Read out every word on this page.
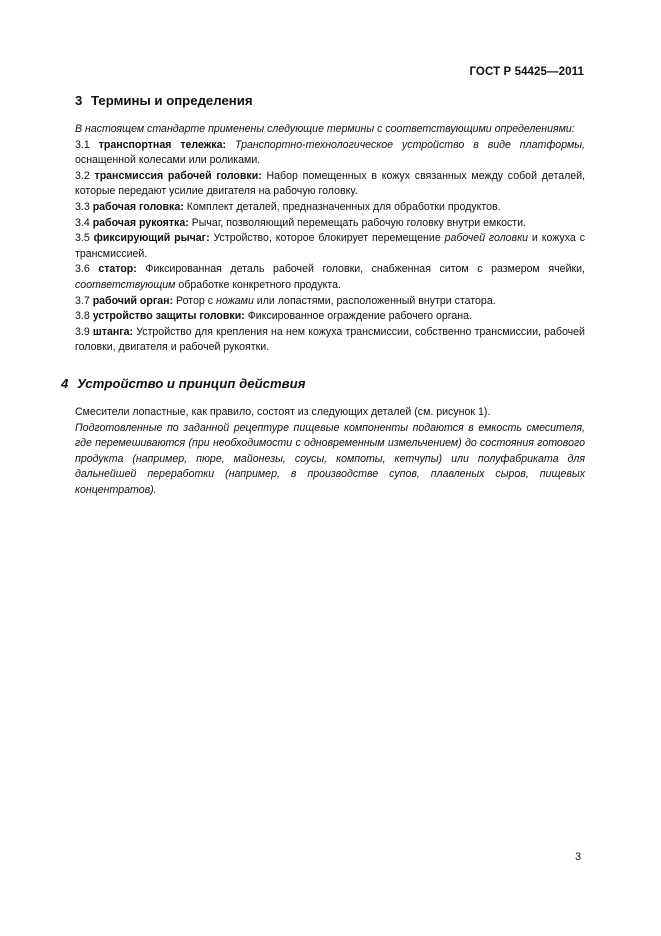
ГОСТ Р 54425—2011
3 Термины и определения

В настоящем стандарте применены следующие термины с соответствующими определениями:

3.1 транспортная тележка: Транспортно-технологическое устройство в виде платформы, оснащенной колесами или роликами.

3.2 трансмиссия рабочей головки: Набор помещенных в кожух связанных между собой деталей, которые передают усилие двигателя на рабочую головку.

3.3 рабочая головка: Комплект деталей, предназначенных для обработки продуктов.

3.4 рабочая рукоятка: Рычаг, позволяющий перемещать рабочую головку внутри емкости.

3.5 фиксирующий рычаг: Устройство, которое блокирует перемещение рабочей головки и кожуха с трансмиссией.

3.6 статор: Фиксированная деталь рабочей головки, снабженная ситом с размером ячейки, соответствующим обработке конкретного продукта.

3.7 рабочий орган: Ротор с ножами или лопастями, расположенный внутри статора.

3.8 устройство защиты головки: Фиксированное ограждение рабочего органа.

3.9 штанга: Устройство для крепления на нем кожуха трансмиссии, собственно трансмиссии, рабочей головки, двигателя и рабочей рукоятки.

4 Устройство и принцип действия

Смесители лопастные, как правило, состоят из следующих деталей (см. рисунок 1).

Подготовленные по заданной рецептуре пищевые компоненты подаются в емкость смесителя, где перемешиваются (при необходимости с одновременным измельчением) до состояния готового продукта (например, пюре, майонезы, соусы, компоты, кетчупы) или полуфабриката для дальнейшей переработки (например, в производстве супов, плавленых сыров, пищевых концентратов).

3
